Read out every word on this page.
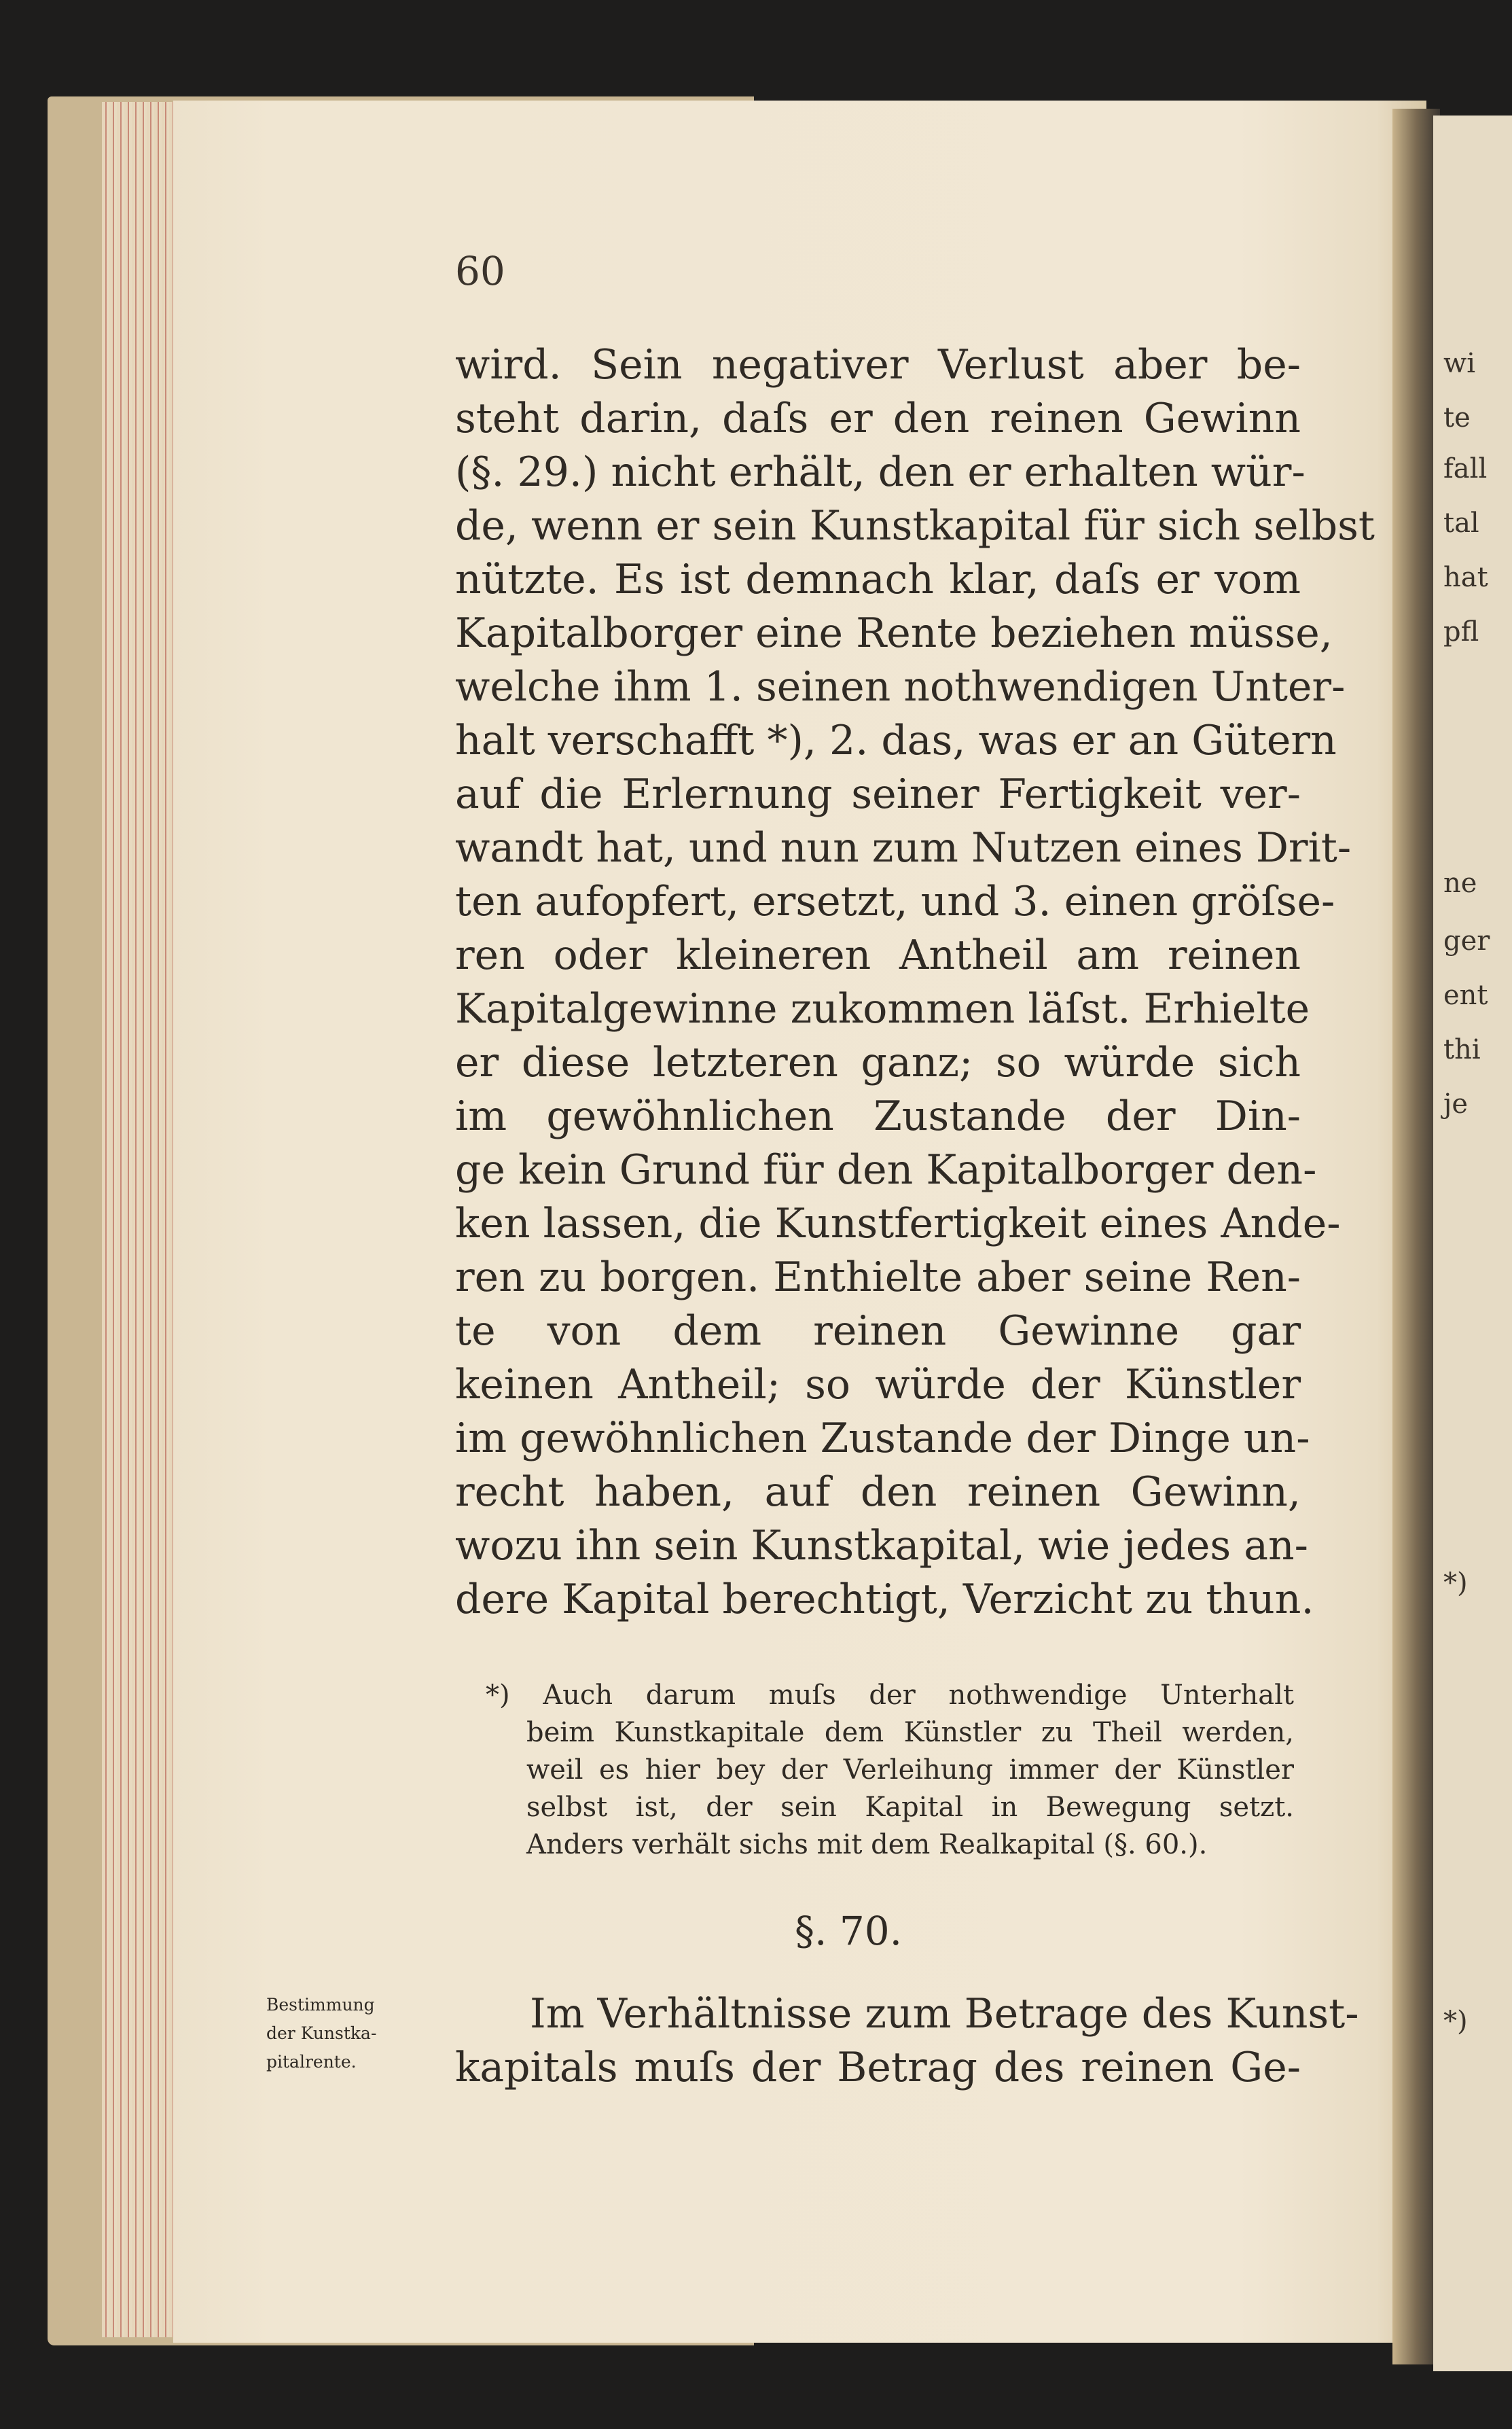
wi
te
fall
tal
hat
pfl
ne
ger
ent
thi
je
*)
*)
60
wird. Sein negativer Verlust aber be-
steht darin, daſs er den reinen Gewinn
(§. 29.) nicht erhält, den er erhalten wür-
de, wenn er sein Kunstkapital für sich selbst
nützte. Es ist demnach klar, daſs er vom
Kapitalborger eine Rente beziehen müsse,
welche ihm 1. seinen nothwendigen Unter-
halt verschafft *), 2. das, was er an Gütern
auf die Erlernung seiner Fertigkeit ver-
wandt hat, und nun zum Nutzen eines Drit-
ten aufopfert, ersetzt, und 3. einen gröſse-
ren oder kleineren Antheil am reinen
Kapitalgewinne zukommen läſst. Erhielte
er diese letzteren ganz; so würde sich
im gewöhnlichen Zustande der Din-
ge kein Grund für den Kapitalborger den-
ken lassen, die Kunstfertigkeit eines Ande-
ren zu borgen. Enthielte aber seine Ren-
te von dem reinen Gewinne gar
keinen Antheil; so würde der Künstler
im gewöhnlichen Zustande der Dinge un-
recht haben, auf den reinen Gewinn,
wozu ihn sein Kunstkapital, wie jedes an-
dere Kapital berechtigt, Verzicht zu thun.
*) Auch darum muſs der nothwendige Unterhalt
beim Kunstkapitale dem Künstler zu Theil werden,
weil es hier bey der Verleihung immer der Künstler
selbst ist, der sein Kapital in Bewegung setzt.
Anders verhält sichs mit dem Realkapital (§. 60.).
§. 70.
Bestimmung
der Kunstka-
pitalrente.
Im Verhältnisse zum Betrage des Kunst-
kapitals muſs der Betrag des reinen Ge-
